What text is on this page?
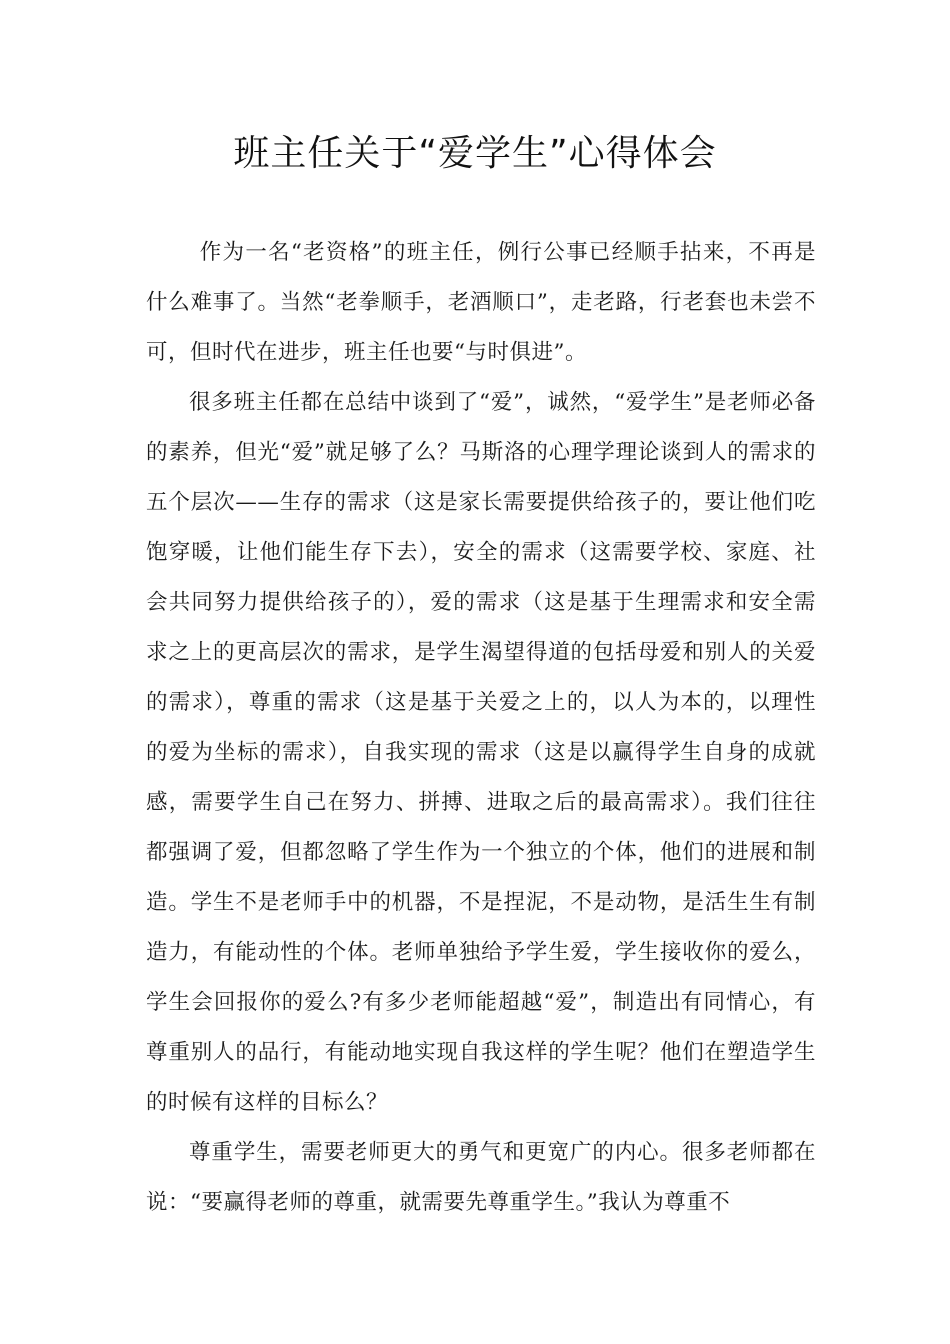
班主任关于“爱学生”心得体会

作为一名“老资格”的班主任，例行公事已经顺手拈来，不再是什么难事了。当然“老拳顺手，老酒顺口”，走老路，行老套也未尝不可，但时代在进步，班主任也要“与时俱进”。

很多班主任都在总结中谈到了“爱”，诚然，“爱学生”是老师必备的素养，但光“爱”就足够了么？马斯洛的心理学理论谈到人的需求的五个层次——生存的需求（这是家长需要提供给孩子的，要让他们吃饱穿暖，让他们能生存下去），安全的需求（这需要学校、家庭、社会共同努力提供给孩子的），爱的需求（这是基于生理需求和安全需求之上的更高层次的需求，是学生渴望得道的包括母爱和别人的关爱的需求），尊重的需求（这是基于关爱之上的，以人为本的，以理性的爱为坐标的需求），自我实现的需求（这是以赢得学生自身的成就感，需要学生自己在努力、拼搏、进取之后的最高需求）。我们往往都强调了爱，但都忽略了学生作为一个独立的个体，他们的进展和制造。学生不是老师手中的机器，不是捏泥，不是动物，是活生生有制造力，有能动性的个体。老师单独给予学生爱，学生接收你的爱么，学生会回报你的爱么?有多少老师能超越“爱”，制造出有同情心，有尊重别人的品行，有能动地实现自我这样的学生呢？他们在塑造学生的时候有这样的目标么？

尊重学生，需要老师更大的勇气和更宽广的内心。很多老师都在说：“要赢得老师的尊重，就需要先尊重学生。”我认为尊重不
